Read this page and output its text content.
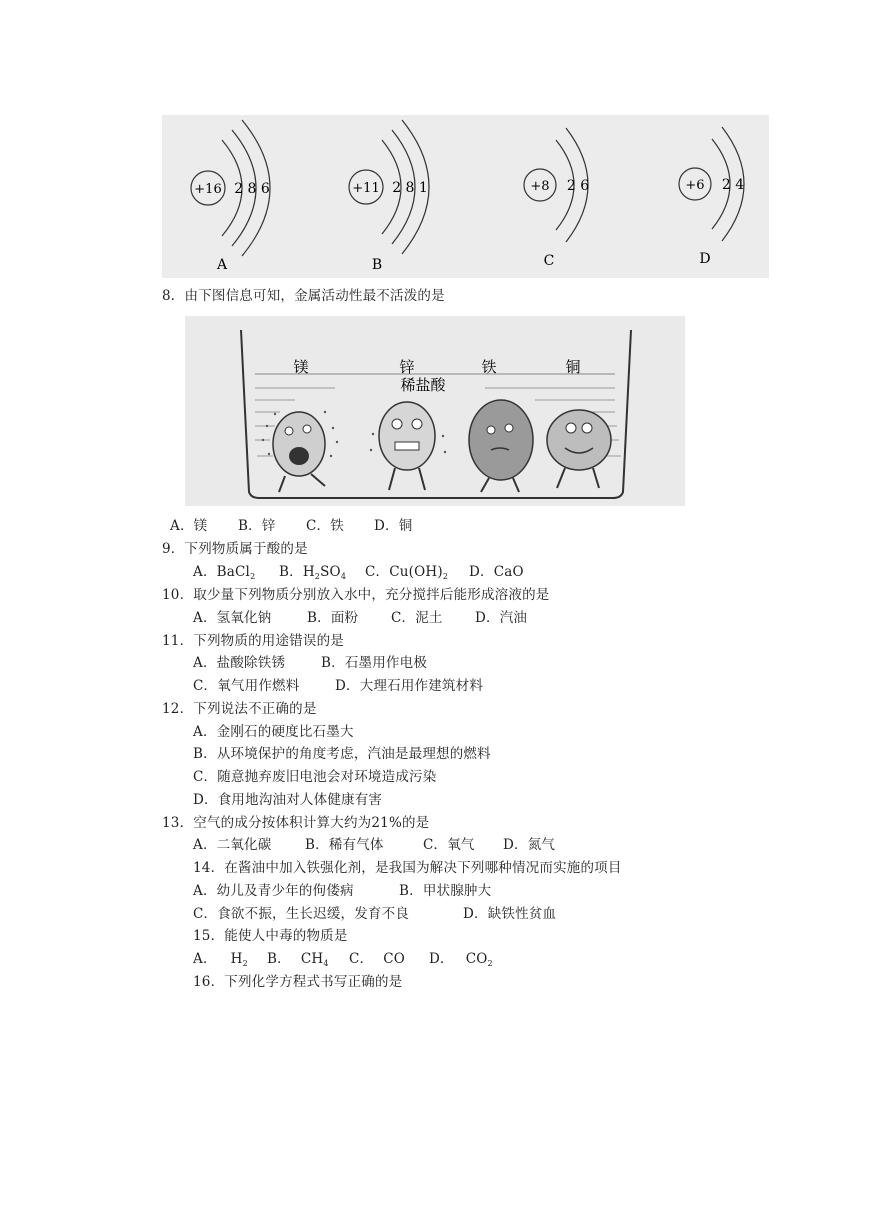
+16 2 8 6
A
+11 2 8 1
B
+8 2 6
C
+6 2 4
D
8．由下图信息可知，金属活动性最不活泼的是
镁	锌	铁	铜
稀盐酸
A．镁 B．锌 C．铁 D．铜
9．下列物质属于酸的是
A．BaCl2 B．H2SO4 C．Cu(OH)2 D．CaO
10．取少量下列物质分别放入水中，充分搅拌后能形成溶液的是
A．氢氧化钠	B．面粉 C．泥土 D．汽油
11．下列物质的用途错误的是
A．盐酸除铁锈	B．石墨用作电极
C．氧气用作燃料	D．大理石用作建筑材料
12．下列说法不正确的是
A．金刚石的硬度比石墨大
B．从环境保护的角度考虑，汽油是最理想的燃料
C．随意抛弃废旧电池会对环境造成污染
D．食用地沟油对人体健康有害
13．空气的成分按体积计算大约为21%的是
A．二氧化碳 B．稀有气体	C．氧气 D．氮气
14．在酱油中加入铁强化剂，是我国为解决下列哪种情况而实施的项目
A．幼儿及青少年的佝偻病	B．甲状腺肿大
C．食欲不振，生长迟缓，发育不良	D．缺铁性贫血
15．能使人中毒的物质是
A． H2 B． CH4 C． CO D． CO2
16．下列化学方程式书写正确的是
